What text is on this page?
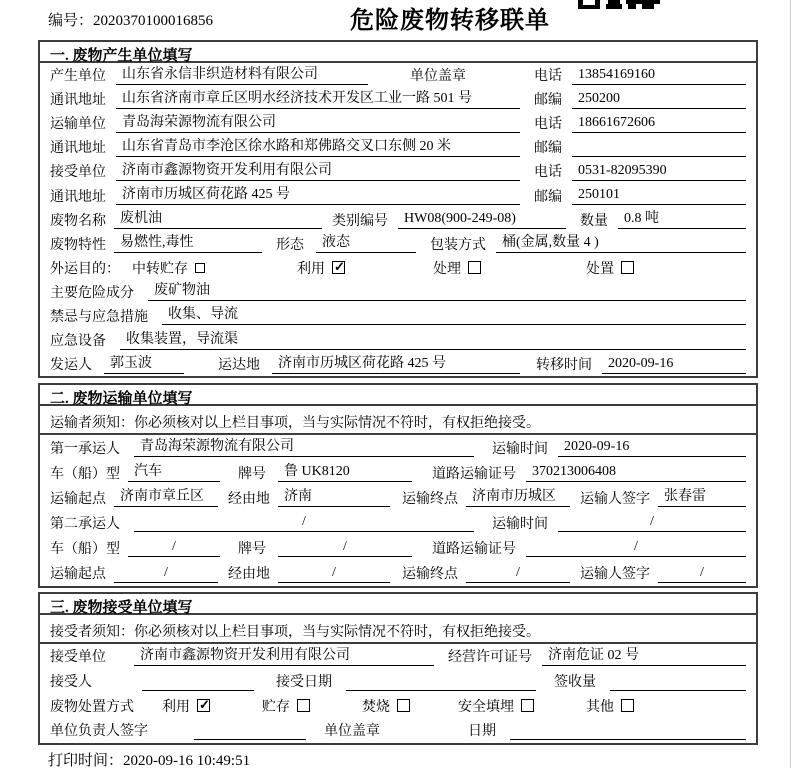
编号：2020370100016856	危险废物转移联单
一. 废物产生单位填写
产生单位	山东省永信非织造材料有限公司	单位盖章	电话	13854169160
通讯地址	山东省济南市章丘区明水经济技术开发区工业一路 501 号	邮编	250200
运输单位	青岛海荣源物流有限公司	电话	18661672606
通讯地址	山东省青岛市李沧区徐水路和郑佛路交叉口东侧 20 米	邮编
接受单位	济南市鑫源物资开发利用有限公司	电话	0531-82095390
通讯地址	济南市历城区荷花路 425 号	邮编	250101
废物名称	废机油	类别编号	HW08(900-249-08)	数量	0.8 吨
废物特性	易燃性,毒性	形态	液态	包装方式	桶(金属,数量 4 )
外运目的： 中转贮存	利用 ✓	处理	处置
主要危险成分	废矿物油
禁忌与应急措施	收集、导流
应急设备	收集装置，导流渠
发运人	郭玉波	运达地	济南市历城区荷花路 425 号	转移时间	2020-09-16
二. 废物运输单位填写
运输者须知：你必须核对以上栏目事项，当与实际情况不符时，有权拒绝接受。
第一承运人	青岛海荣源物流有限公司	运输时间	2020-09-16
车（船）型	汽车	牌号	鲁 UK8120	道路运输证号	370213006408
运输起点	济南市章丘区	经由地	济南	运输终点	济南市历城区	运输人签字	张春雷
第二承运人	/	运输时间	/
车（船）型	/	牌号	/	道路运输证号	/
运输起点	/	经由地	/	运输终点	/	运输人签字	/
三. 废物接受单位填写
接受者须知：你必须核对以上栏目事项，当与实际情况不符时，有权拒绝接受。
接受单位	济南市鑫源物资开发利用有限公司	经营许可证号	济南危证 02 号
接受人	接受日期	签收量
废物处置方式 利用 ✓	贮存	焚烧	安全填埋	其他
单位负责人签字	单位盖章	日期
打印时间：2020-09-16 10:49:51
